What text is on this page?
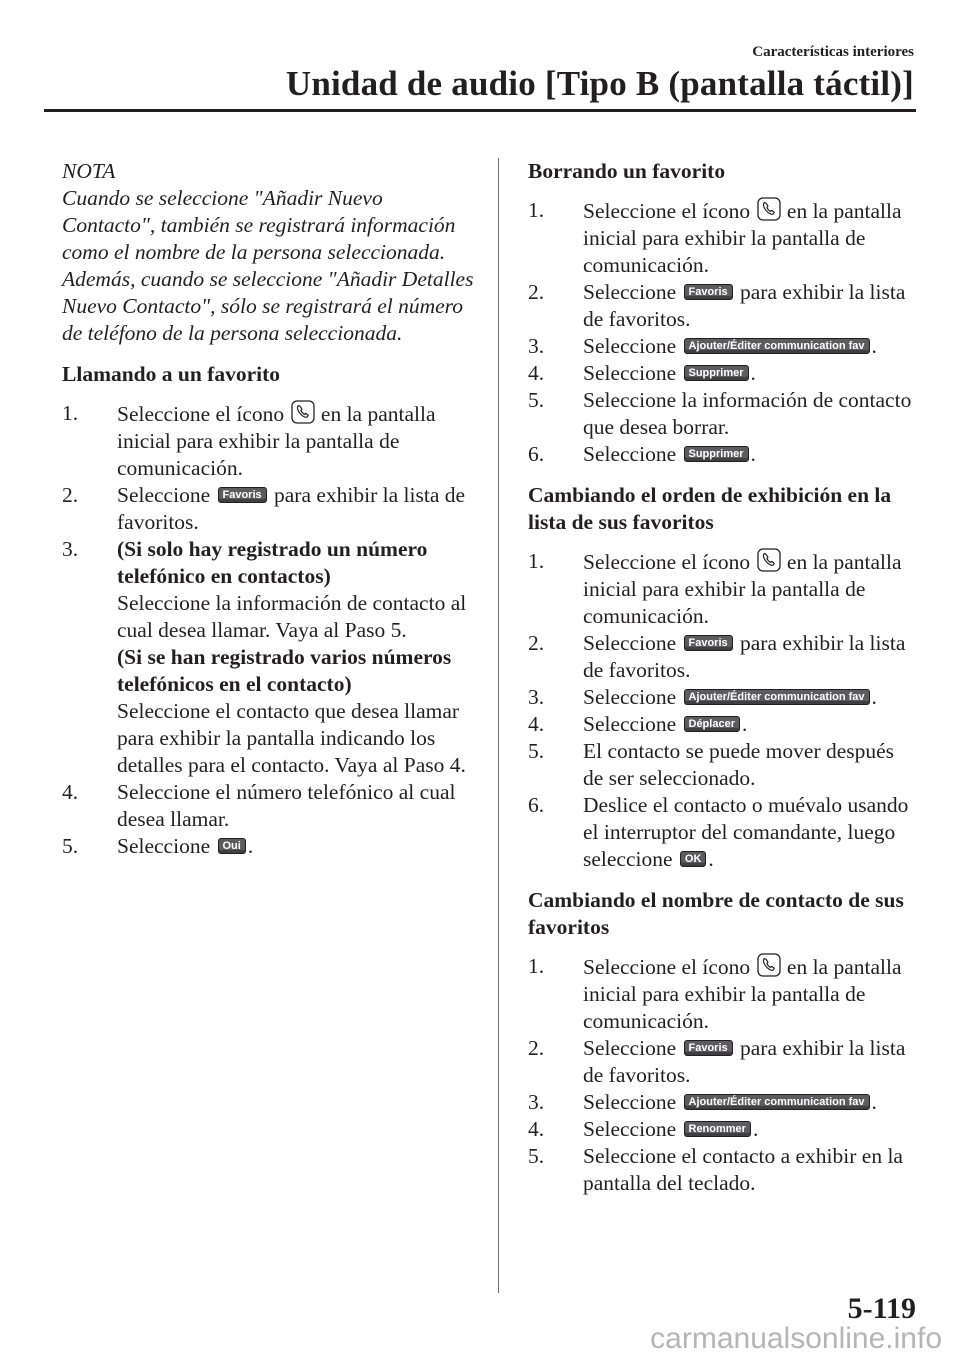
Características interiores
Unidad de audio [Tipo B (pantalla táctil)]
NOTA
Cuando se seleccione "Añadir Nuevo Contacto", también se registrará información como el nombre de la persona seleccionada. Además, cuando se seleccione "Añadir Detalles Nuevo Contacto", sólo se registrará el número de teléfono de la persona seleccionada.
Llamando a un favorito
1. Seleccione el ícono en la pantalla inicial para exhibir la pantalla de comunicación.
2. Seleccione Favoris para exhibir la lista de favoritos.
3. (Si solo hay registrado un número telefónico en contactos)
Seleccione la información de contacto al cual desea llamar. Vaya al Paso 5.
(Si se han registrado varios números telefónicos en el contacto)
Seleccione el contacto que desea llamar para exhibir la pantalla indicando los detalles para el contacto. Vaya al Paso 4.
4. Seleccione el número telefónico al cual desea llamar.
5. Seleccione Oui .
Borrando un favorito
1. Seleccione el ícono en la pantalla inicial para exhibir la pantalla de comunicación.
2. Seleccione Favoris para exhibir la lista de favoritos.
3. Seleccione Ajouter/Éditer communication fav .
4. Seleccione Supprimer .
5. Seleccione la información de contacto que desea borrar.
6. Seleccione Supprimer .
Cambiando el orden de exhibición en la lista de sus favoritos
1. Seleccione el ícono en la pantalla inicial para exhibir la pantalla de comunicación.
2. Seleccione Favoris para exhibir la lista de favoritos.
3. Seleccione Ajouter/Éditer communication fav .
4. Seleccione Déplacer .
5. El contacto se puede mover después de ser seleccionado.
6. Deslice el contacto o muévalo usando el interruptor del comandante, luego seleccione OK .
Cambiando el nombre de contacto de sus favoritos
1. Seleccione el ícono en la pantalla inicial para exhibir la pantalla de comunicación.
2. Seleccione Favoris para exhibir la lista de favoritos.
3. Seleccione Ajouter/Éditer communication fav .
4. Seleccione Renommer .
5. Seleccione el contacto a exhibir en la pantalla del teclado.
5-119
carmanualsonline.info
